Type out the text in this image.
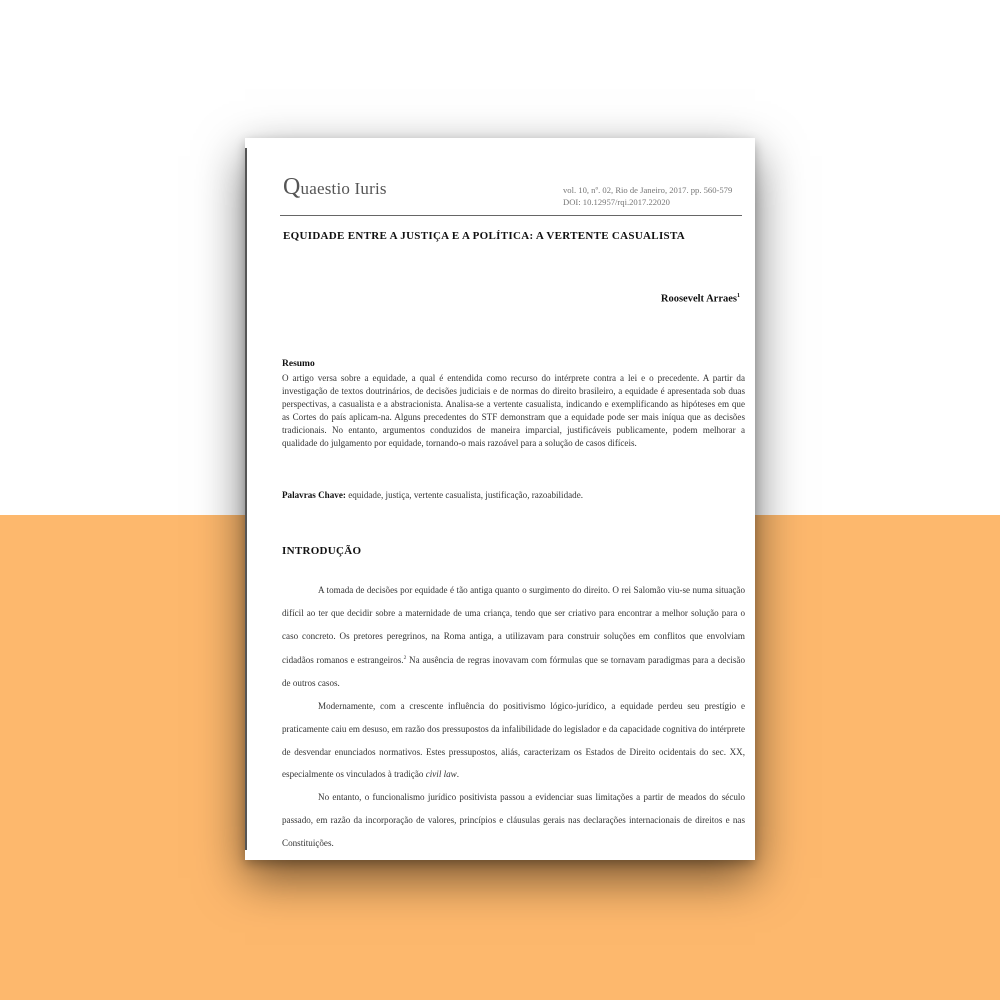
Quaestio Iuris	vol. 10, nº. 02, Rio de Janeiro, 2017. pp. 560-579
DOI: 10.12957/rqi.2017.22020
EQUIDADE ENTRE A JUSTIÇA E A POLÍTICA: A VERTENTE CASUALISTA
Roosevelt Arraes$^1$
Resumo
O artigo versa sobre a equidade, a qual é entendida como recurso do intérprete contra a lei e o precedente. A partir da investigação de textos doutrinários, de decisões judiciais e de normas do direito brasileiro, a equidade é apresentada sob duas perspectivas, a casualista e a abstracionista. Analisa-se a vertente casualista, indicando e exemplificando as hipóteses em que as Cortes do país aplicam-na. Alguns precedentes do STF demonstram que a equidade pode ser mais iníqua que as decisões tradicionais. No entanto, argumentos conduzidos de maneira imparcial, justificáveis publicamente, podem melhorar a qualidade do julgamento por equidade, tornando-o mais razoável para a solução de casos difíceis.
Palavras Chave: equidade, justiça, vertente casualista, justificação, razoabilidade.
INTRODUÇÃO

A tomada de decisões por equidade é tão antiga quanto o surgimento do direito. O rei Salomão viu-se numa situação difícil ao ter que decidir sobre a maternidade de uma criança, tendo que ser criativo para encontrar a melhor solução para o caso concreto. Os pretores peregrinos, na Roma antiga, a utilizavam para construir soluções em conflitos que envolviam cidadãos romanos e estrangeiros.$^2$ Na ausência de regras inovavam com fórmulas que se tornavam paradigmas para a decisão de outros casos.

Modernamente, com a crescente influência do positivismo lógico-jurídico, a equidade perdeu seu prestígio e praticamente caiu em desuso, em razão dos pressupostos da infalibilidade do legislador e da capacidade cognitiva do intérprete de desvendar enunciados normativos. Estes pressupostos, aliás, caracterizam os Estados de Direito ocidentais do sec. XX, especialmente os vinculados à tradição civil law.

No entanto, o funcionalismo jurídico positivista passou a evidenciar suas limitações a partir de meados do século passado, em razão da incorporação de valores, princípios e cláusulas gerais nas declarações internacionais de direitos e nas Constituições.
